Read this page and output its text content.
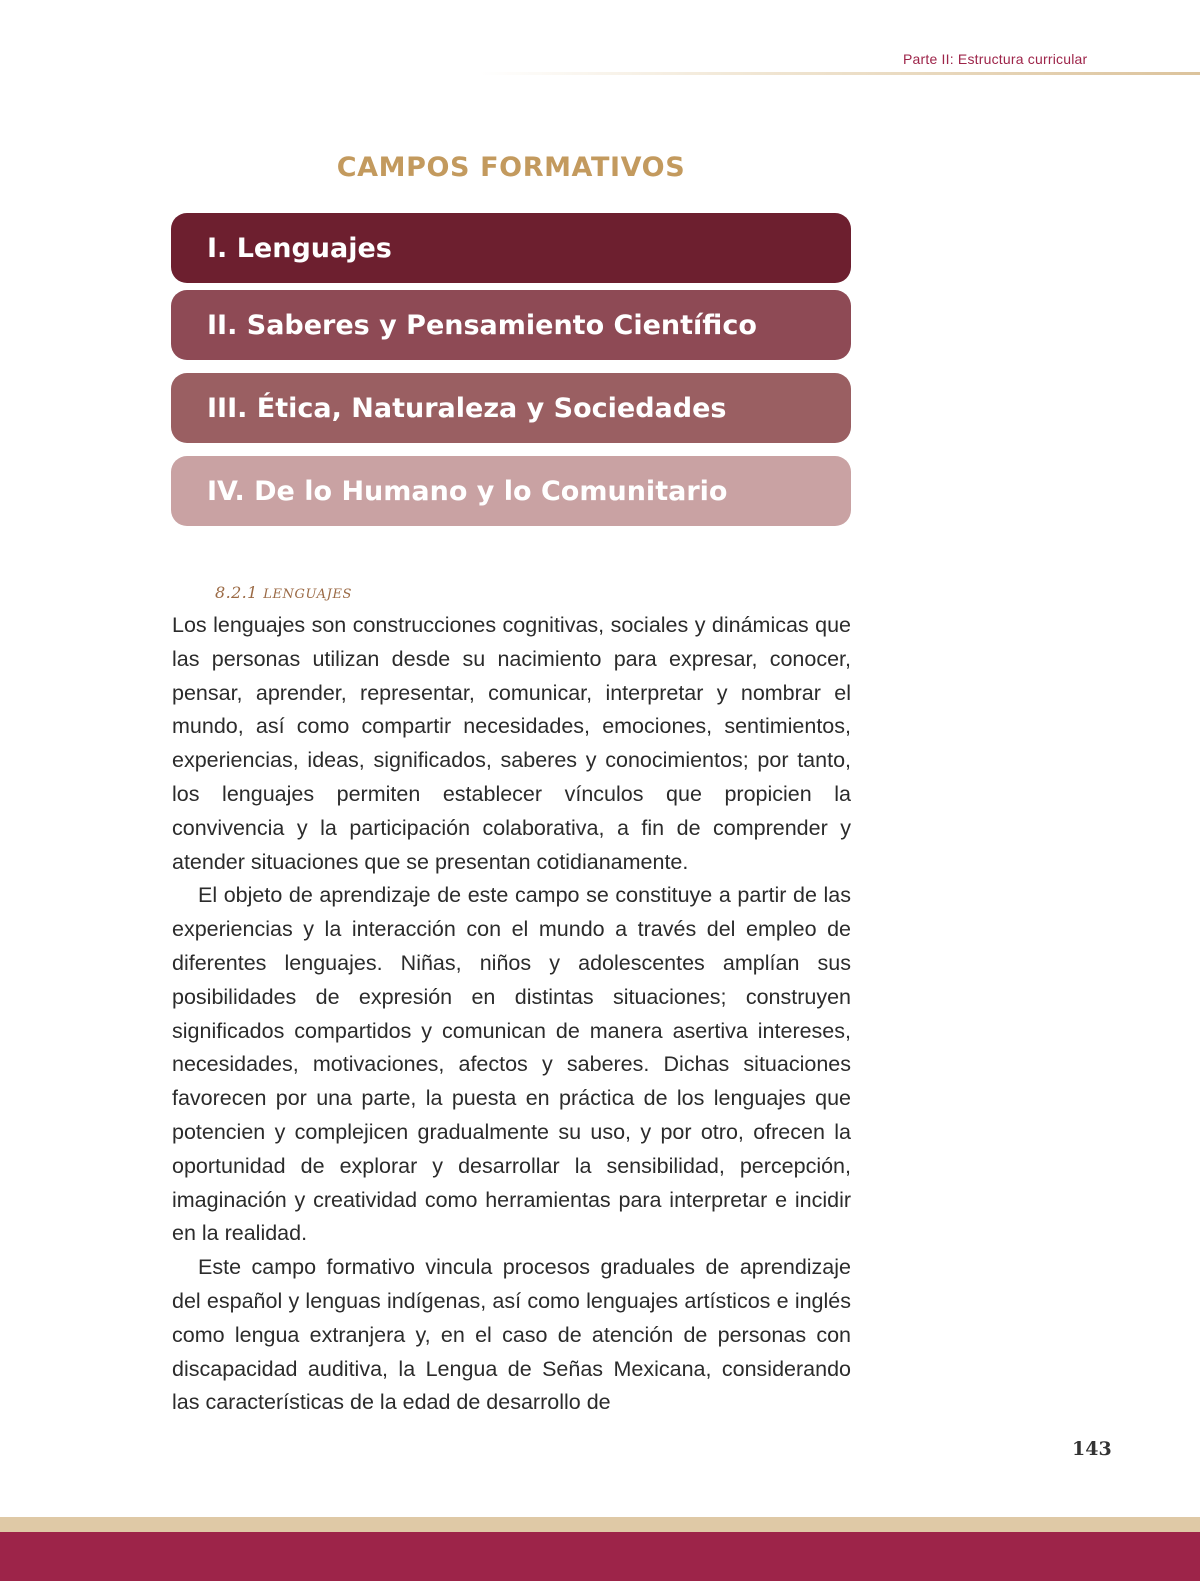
Parte II: Estructura curricular
CAMPOS FORMATIVOS
I. Lenguajes
II. Saberes y Pensamiento Científico
III. Ética, Naturaleza y Sociedades
IV. De lo Humano y lo Comunitario
8.2.1 LENGUAJES

Los lenguajes son construcciones cognitivas, sociales y dinámicas que las personas utilizan desde su nacimiento para expresar, conocer, pensar, aprender, representar, comunicar, interpretar y nombrar el mundo, así como compartir necesidades, emociones, sentimientos, experiencias, ideas, significados, saberes y conocimientos; por tanto, los lenguajes permiten establecer vínculos que propicien la convivencia y la participación colaborativa, a fin de comprender y atender situaciones que se presentan cotidianamente.

El objeto de aprendizaje de este campo se constituye a partir de las experiencias y la interacción con el mundo a través del empleo de diferentes lenguajes. Niñas, niños y adolescentes amplían sus posibilidades de expresión en distintas situaciones; construyen significados compartidos y comunican de manera asertiva intereses, necesidades, motivaciones, afectos y saberes. Dichas situaciones favorecen por una parte, la puesta en práctica de los lenguajes que potencien y complejicen gradualmente su uso, y por otro, ofrecen la oportunidad de explorar y desarrollar la sensibilidad, percepción, imaginación y creatividad como herramientas para interpretar e incidir en la realidad.

Este campo formativo vincula procesos graduales de aprendizaje del español y lenguas indígenas, así como lenguajes artísticos e inglés como lengua extranjera y, en el caso de atención de personas con discapacidad auditiva, la Lengua de Señas Mexicana, considerando las características de la edad de desarrollo de

143
